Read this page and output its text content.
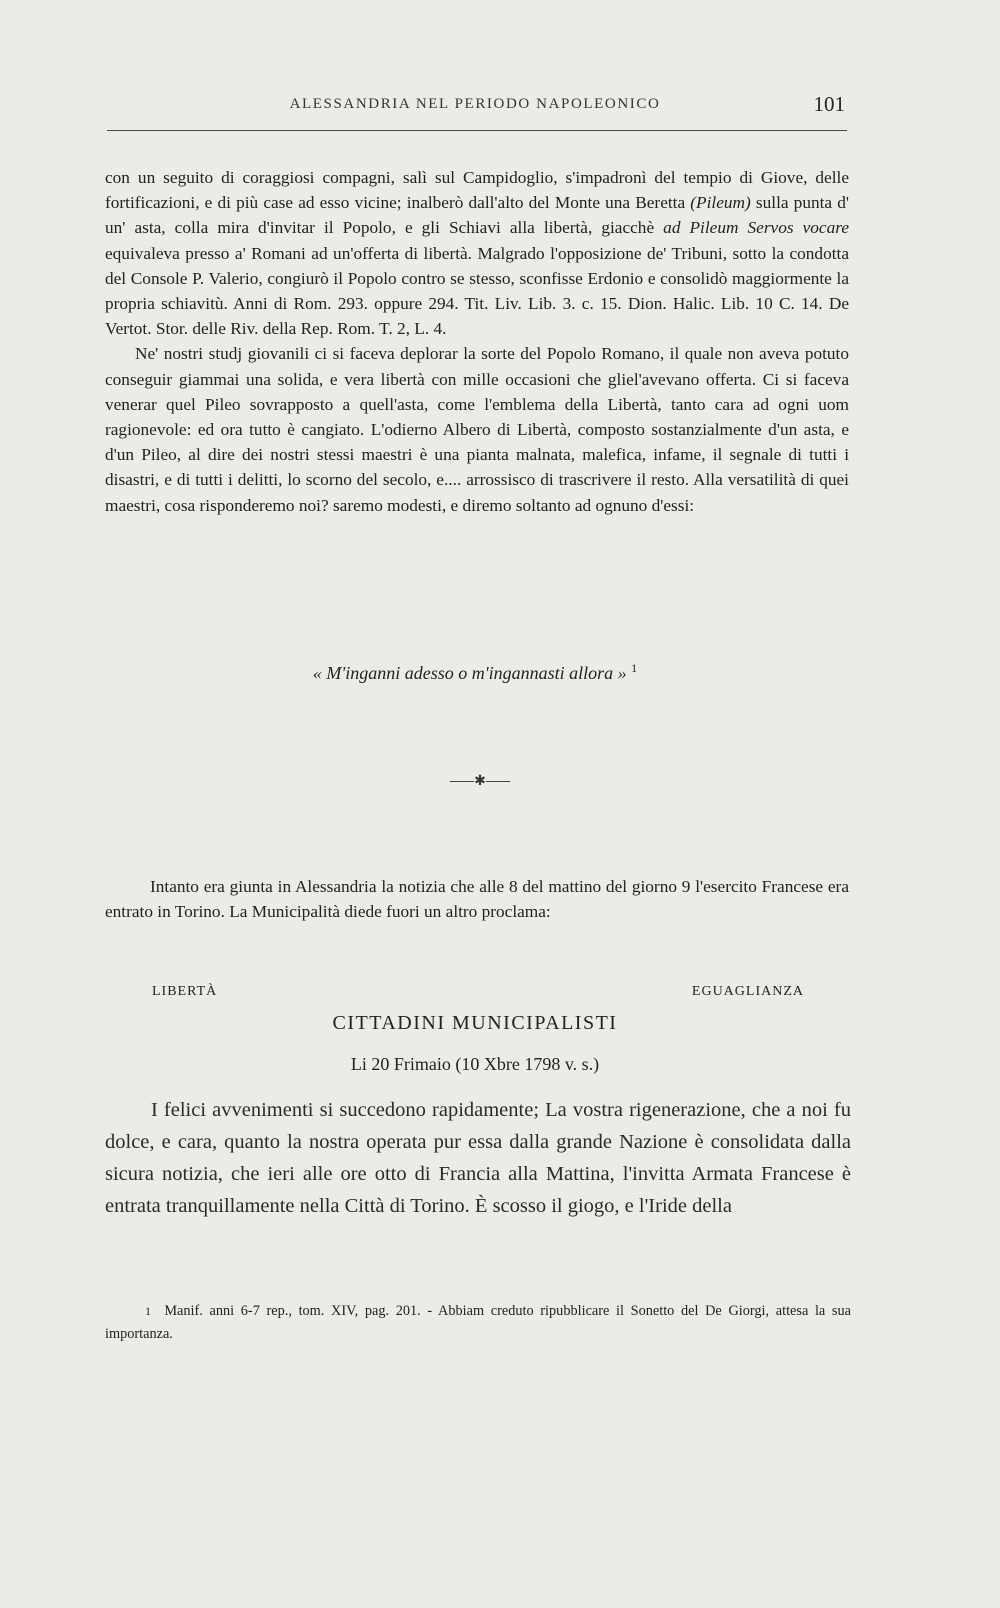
ALESSANDRIA NEL PERIODO NAPOLEONICO	101

con un seguito di coraggiosi compagni, salì sul Campidoglio, s'impadronì del tempio di Giove, delle fortificazioni, e di più case ad esso vicine; inalberò dall'alto del Monte una Beretta (Pileum) sulla punta d' un' asta, colla mira d'invitar il Popolo, e gli Schiavi alla libertà, giacchè ad Pileum Servos vocare equivaleva presso a' Romani ad un'offerta di libertà. Malgrado l'opposizione de' Tribuni, sotto la condotta del Console P. Valerio, congiurò il Popolo contro se stesso, sconfisse Erdonio e consolidò maggiormente la propria schiavitù. Anni di Rom. 293. oppure 294. Tit. Liv. Lib. 3. c. 15. Dion. Halic. Lib. 10 C. 14. De Vertot. Stor. delle Riv. della Rep. Rom. T. 2, L. 4.

Ne' nostri studj giovanili ci si faceva deplorar la sorte del Popolo Romano, il quale non aveva potuto conseguir giammai una solida, e vera libertà con mille occasioni che gliel'avevano offerta. Ci si faceva venerar quel Pileo sovrapposto a quell'asta, come l'emblema della Libertà, tanto cara ad ogni uom ragionevole: ed ora tutto è cangiato. L'odierno Albero di Libertà, composto sostanzialmente d'un asta, e d'un Pileo, al dire dei nostri stessi maestri è una pianta malnata, malefica, infame, il segnale di tutti i disastri, e di tutti i delitti, lo scorno del secolo, e.... arrossisco di trascrivere il resto. Alla versatilità di quei maestri, cosa risponderemo noi? saremo modesti, e diremo soltanto ad ognuno d'essi:

« M'inganni adesso o m'ingannasti allora » $^1$
✱

Intanto era giunta in Alessandria la notizia che alle 8 del mattino del giorno 9 l'esercito Francese era entrato in Torino. La Municipalità diede fuori un altro proclama:

LIBERTÀ	EGUAGLIANZA
CITTADINI MUNICIPALISTI
Li 20 Frimaio (10 Xbre 1798 v. s.)

I felici avvenimenti si succedono rapidamente; La vostra rigenerazione, che a noi fu dolce, e cara, quanto la nostra operata pur essa dalla grande Nazione è consolidata dalla sicura notizia, che ieri alle ore otto di Francia alla Mattina, l'invitta Armata Francese è entrata tranquillamente nella Città di Torino. È scosso il giogo, e l'Iride della

1 Manif. anni 6-7 rep., tom. XIV, pag. 201. - Abbiam creduto ripubblicare il Sonetto del De Giorgi, attesa la sua importanza.
